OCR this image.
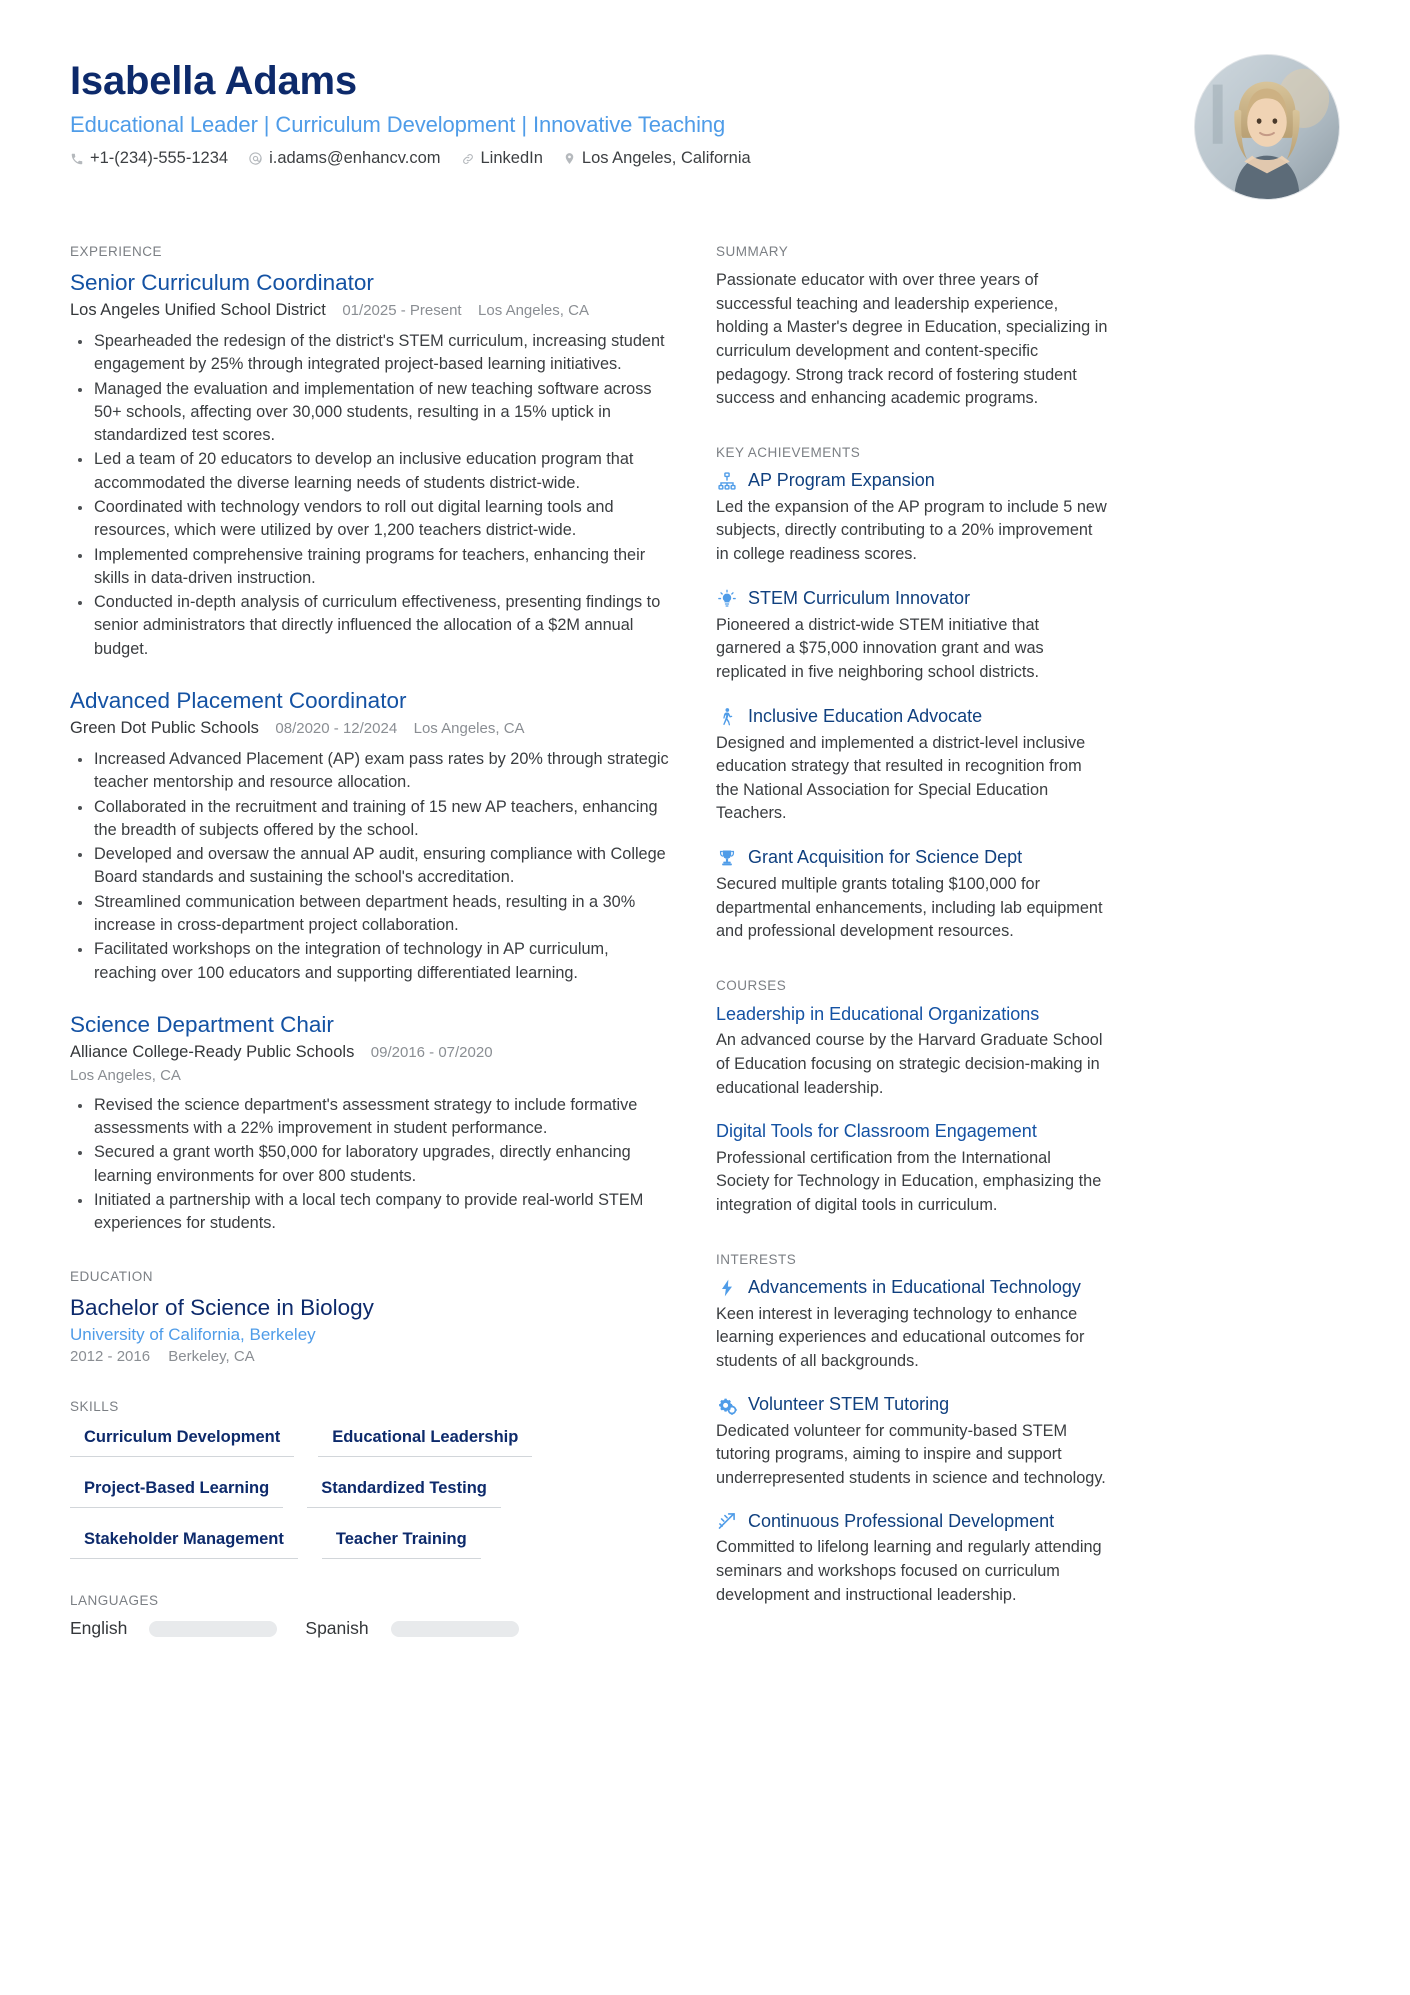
Isabella Adams
Educational Leader | Curriculum Development | Innovative Teaching
+1-(234)-555-1234 i.adams@enhancv.com LinkedIn Los Angeles, California
EXPERIENCE
Senior Curriculum Coordinator
Los Angeles Unified School District 01/2025 - Present Los Angeles, CA
Spearheaded the redesign of the district's STEM curriculum, increasing student engagement by 25% through integrated project-based learning initiatives.
Managed the evaluation and implementation of new teaching software across 50+ schools, affecting over 30,000 students, resulting in a 15% uptick in standardized test scores.
Led a team of 20 educators to develop an inclusive education program that accommodated the diverse learning needs of students district-wide.
Coordinated with technology vendors to roll out digital learning tools and resources, which were utilized by over 1,200 teachers district-wide.
Implemented comprehensive training programs for teachers, enhancing their skills in data-driven instruction.
Conducted in-depth analysis of curriculum effectiveness, presenting findings to senior administrators that directly influenced the allocation of a $2M annual budget.
Advanced Placement Coordinator
Green Dot Public Schools 08/2020 - 12/2024 Los Angeles, CA
Increased Advanced Placement (AP) exam pass rates by 20% through strategic teacher mentorship and resource allocation.
Collaborated in the recruitment and training of 15 new AP teachers, enhancing the breadth of subjects offered by the school.
Developed and oversaw the annual AP audit, ensuring compliance with College Board standards and sustaining the school's accreditation.
Streamlined communication between department heads, resulting in a 30% increase in cross-department project collaboration.
Facilitated workshops on the integration of technology in AP curriculum, reaching over 100 educators and supporting differentiated learning.
Science Department Chair
Alliance College-Ready Public Schools 09/2016 - 07/2020
Los Angeles, CA
Revised the science department's assessment strategy to include formative assessments with a 22% improvement in student performance.
Secured a grant worth $50,000 for laboratory upgrades, directly enhancing learning environments for over 800 students.
Initiated a partnership with a local tech company to provide real-world STEM experiences for students.
EDUCATION
Bachelor of Science in Biology
University of California, Berkeley
2012 - 2016 Berkeley, CA
SKILLS
Curriculum Development	Educational Leadership
Project-Based Learning	Standardized Testing
Stakeholder Management	Teacher Training
LANGUAGES
English	Spanish
SUMMARY
Passionate educator with over three years of successful teaching and leadership experience, holding a Master's degree in Education, specializing in curriculum development and content-specific pedagogy. Strong track record of fostering student success and enhancing academic programs.
KEY ACHIEVEMENTS
AP Program Expansion
Led the expansion of the AP program to include 5 new subjects, directly contributing to a 20% improvement in college readiness scores.
STEM Curriculum Innovator
Pioneered a district-wide STEM initiative that garnered a $75,000 innovation grant and was replicated in five neighboring school districts.
Inclusive Education Advocate
Designed and implemented a district-level inclusive education strategy that resulted in recognition from the National Association for Special Education Teachers.
Grant Acquisition for Science Dept
Secured multiple grants totaling $100,000 for departmental enhancements, including lab equipment and professional development resources.
COURSES
Leadership in Educational Organizations
An advanced course by the Harvard Graduate School of Education focusing on strategic decision-making in educational leadership.
Digital Tools for Classroom Engagement
Professional certification from the International Society for Technology in Education, emphasizing the integration of digital tools in curriculum.
INTERESTS
Advancements in Educational Technology
Keen interest in leveraging technology to enhance learning experiences and educational outcomes for students of all backgrounds.
Volunteer STEM Tutoring
Dedicated volunteer for community-based STEM tutoring programs, aiming to inspire and support underrepresented students in science and technology.
Continuous Professional Development
Committed to lifelong learning and regularly attending seminars and workshops focused on curriculum development and instructional leadership.
